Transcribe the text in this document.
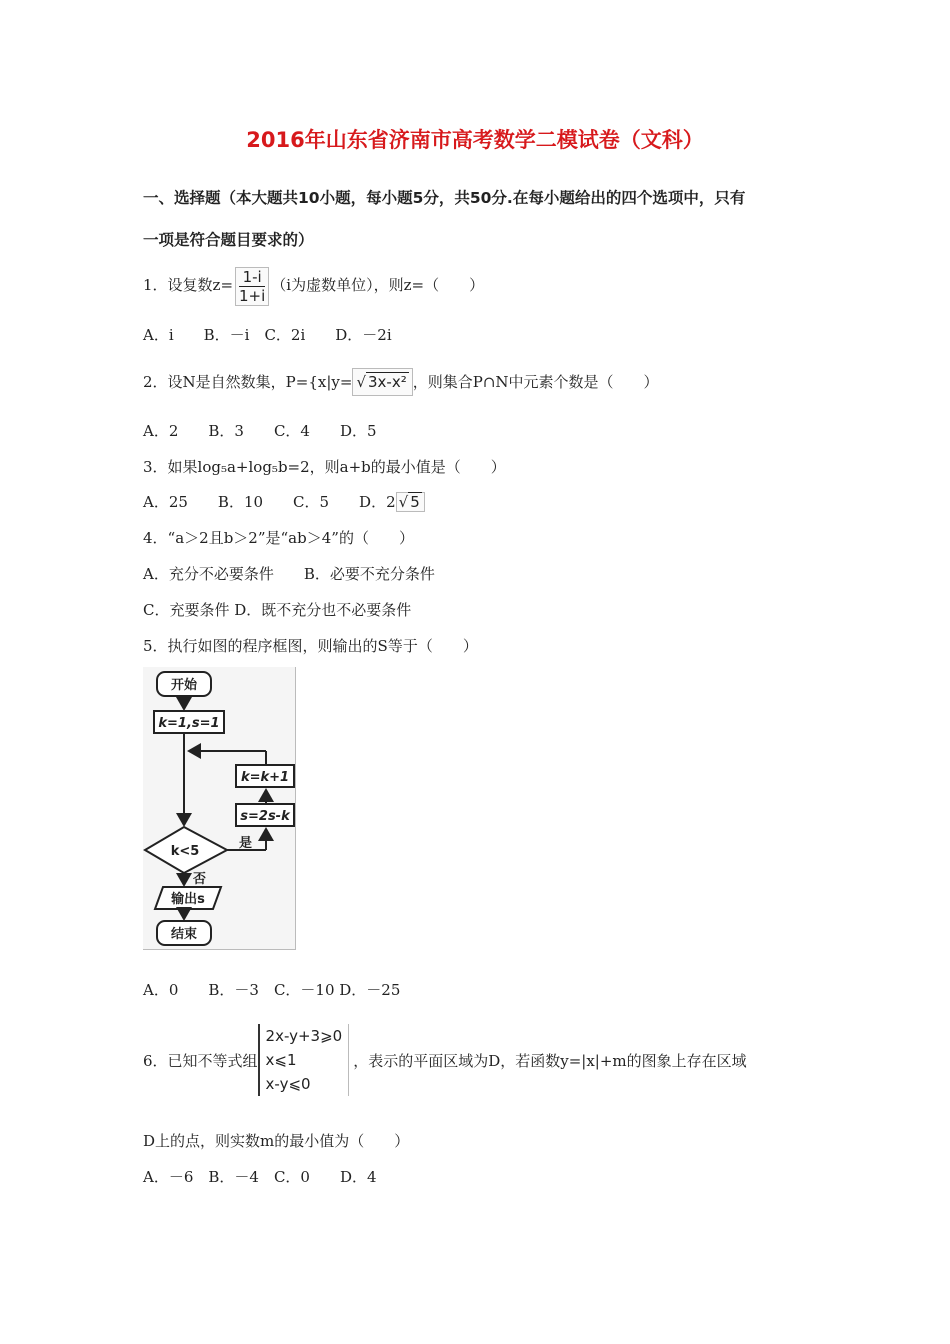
2016年山东省济南市高考数学二模试卷（文科）
一、选择题（本大题共10小题，每小题5分，共50分.在每小题给出的四个选项中，只有
一项是符合题目要求的）
1．设复数$z= \frac{1-i}{1+i} (i$为虚数单位），则z=（　　）
A．i　　B．－i　C．2i　　D．－2i
2．设N是自然数集，P={x|y= √ 3x-x² ，则集合P∩N中元素个数是（　　）
A．2　　B．3　　C．4　　D．5
3．如果log₅a+log₅b=2，则a+b的最小值是（　　）
A．25　　B．10　　C．5　　D．2 √ 5
4．“a＞2且b＞2”是“ab＞4”的（　　）
A．充分不必要条件　　B．必要不充分条件
C．充要条件 D．既不充分也不必要条件
5．执行如图的程序框图，则输出的S等于（　　）
开始
k=1,s=1
k=k+1
s=2s-k
k<5
是
否
输出s
结束
A．0　　B．－3　C．－10 D．－25
6．已知不等式组
2x-y+3⩾0
x⩽1
x-y⩽0
，表示的平面区域为D，若函数y=|x|+m的图象上存在区域
D上的点，则实数m的最小值为（　　）
A．－6　B．－4　C．0　　D．4
